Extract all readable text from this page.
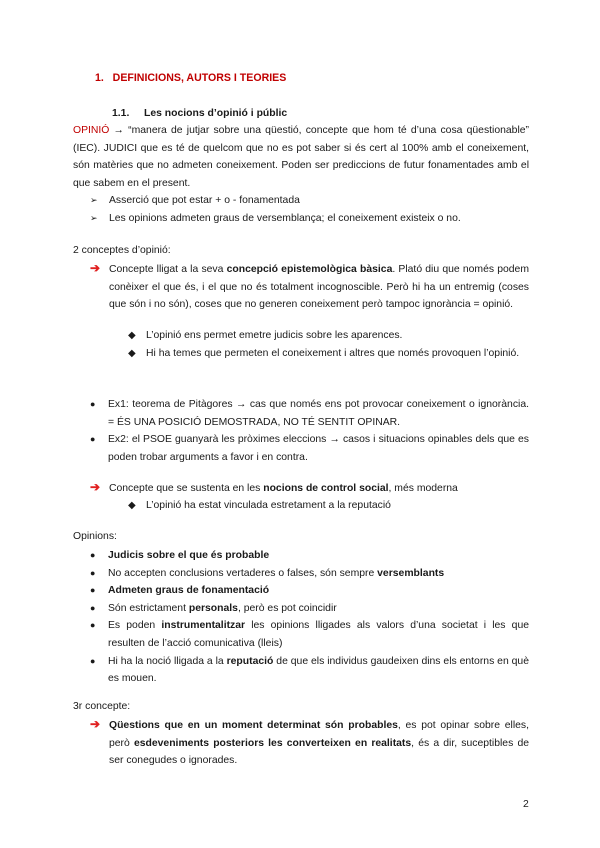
1.   DEFINICIONS, AUTORS I TEORIES
1.1. Les nocions d’opinió i públic
OPINIÓ → “manera de jutjar sobre una qüestió, concepte que hom té d’una cosa qüestionable” (IEC). JUDICI que es té de quelcom que no es pot saber si és cert al 100% amb el coneixement, són matèries que no admeten coneixement. Poden ser prediccions de futur fonamentades amb el que sabem en el present.
➢ Asserció que pot estar + o - fonamentada
➢ Les opinions admeten graus de versemblança; el coneixement existeix o no.
2 conceptes d’opinió:
➔ Concepte lligat a la seva concepció epistemològica bàsica. Plató diu que només podem conèixer el que és, i el que no és totalment incognoscible. Però hi ha un entremig (coses que són i no són), coses que no generen coneixement però tampoc ignorància = opinió.
◆ L’opinió ens permet emetre judicis sobre les aparences.
◆ Hi ha temes que permeten el coneixement i altres que només provoquen l’opinió.
● Ex1: teorema de Pitàgores → cas que només ens pot provocar coneixement o ignorància. = ÉS UNA POSICIÓ DEMOSTRADA, NO TÉ SENTIT OPINAR.
● Ex2: el PSOE guanyarà les pròximes eleccions → casos i situacions opinables dels que es poden trobar arguments a favor i en contra.
➔ Concepte que se sustenta en les nocions de control social, més moderna
◆ L’opinió ha estat vinculada estretament a la reputació
Opinions:
● Judicis sobre el que és probable
● No accepten conclusions vertaderes o falses, són sempre versemblants
● Admeten graus de fonamentació
● Són estrictament personals, però es pot coincidir
● Es poden instrumentalitzar les opinions lligades als valors d’una societat i les que resulten de l’acció comunicativa (lleis)
● Hi ha la noció lligada a la reputació de que els individus gaudeixen dins els entorns en què es mouen.
3r concepte:
➔ Qüestions que en un moment determinat són probables, es pot opinar sobre elles, però esdeveniments posteriors les converteixen en realitats, és a dir, suceptibles de ser conegudes o ignorades.
2
